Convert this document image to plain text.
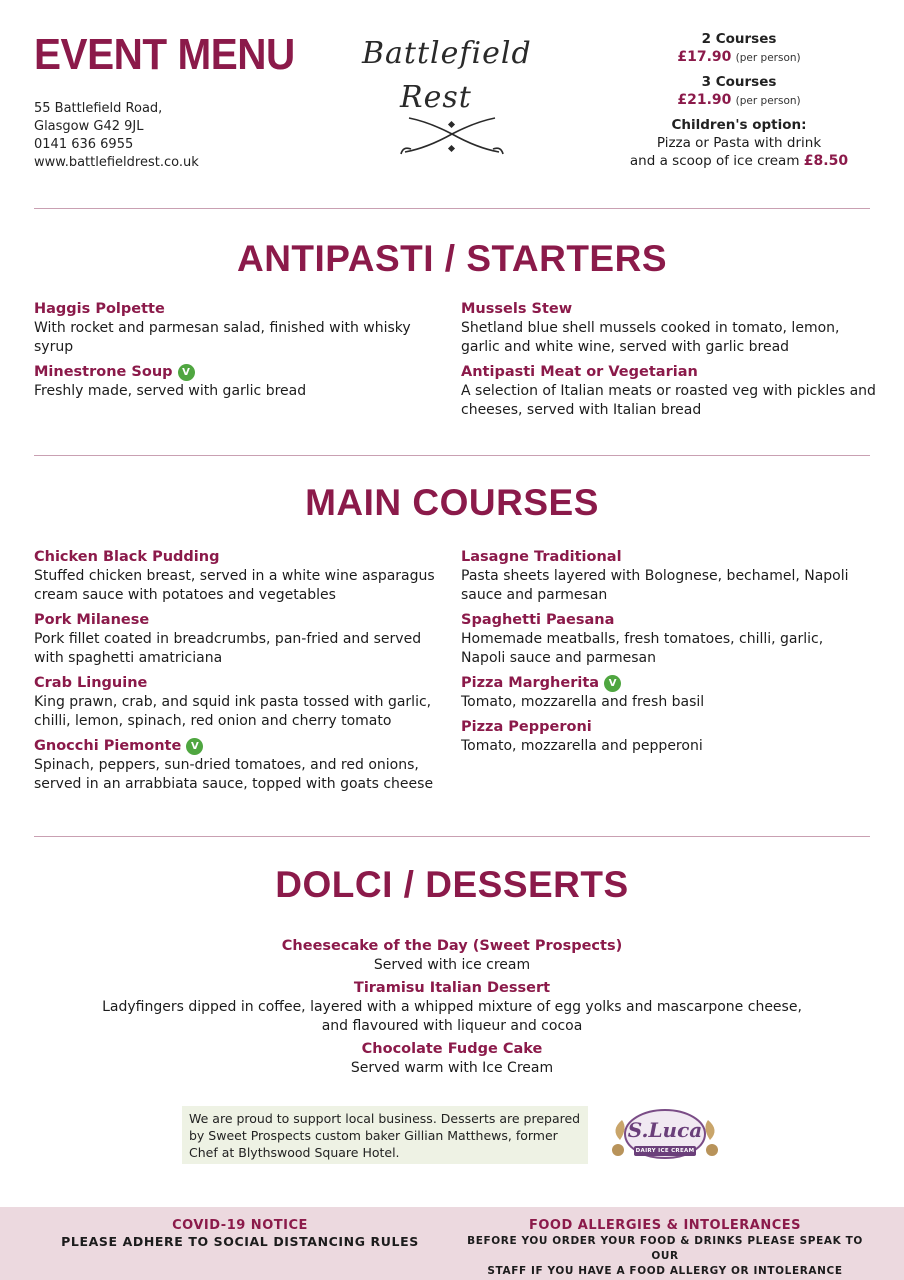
EVENT MENU
55 Battlefield Road,
Glasgow G42 9JL
0141 636 6955
www.battlefieldrest.co.uk
Battlefield
Rest
2 Courses
£17.90 (per person)
3 Courses
£21.90 (per person)
Children's option:
Pizza or Pasta with drink
and a scoop of ice cream £8.50
ANTIPASTI / STARTERS
Haggis Polpette
With rocket and parmesan salad, finished with whisky syrup
Minestrone Soup V
Freshly made, served with garlic bread
Mussels Stew
Shetland blue shell mussels cooked in tomato, lemon, garlic and white wine, served with garlic bread
Antipasti Meat or Vegetarian
A selection of Italian meats or roasted veg with pickles and cheeses, served with Italian bread
MAIN COURSES
Chicken Black Pudding
Stuffed chicken breast, served in a white wine asparagus cream sauce with potatoes and vegetables
Pork Milanese
Pork fillet coated in breadcrumbs, pan-fried and served with spaghetti amatriciana
Crab Linguine
King prawn, crab, and squid ink pasta tossed with garlic, chilli, lemon, spinach, red onion and cherry tomato
Gnocchi Piemonte V
Spinach, peppers, sun-dried tomatoes, and red onions, served in an arrabbiata sauce, topped with goats cheese
Lasagne Traditional
Pasta sheets layered with Bolognese, bechamel, Napoli sauce and parmesan
Spaghetti Paesana
Homemade meatballs, fresh tomatoes, chilli, garlic, Napoli sauce and parmesan
Pizza Margherita V
Tomato, mozzarella and fresh basil
Pizza Pepperoni
Tomato, mozzarella and pepperoni
DOLCI / DESSERTS
Cheesecake of the Day (Sweet Prospects)
Served with ice cream
Tiramisu Italian Dessert
Ladyfingers dipped in coffee, layered with a whipped mixture of egg yolks and mascarpone cheese,
and flavoured with liqueur and cocoa
Chocolate Fudge Cake
Served warm with Ice Cream
We are proud to support local business. Desserts are prepared by Sweet Prospects custom baker Gillian Matthews, former Chef at Blythswood Square Hotel.
S.Luca
DAIRY ICE CREAM
COVID-19 NOTICE
PLEASE ADHERE TO SOCIAL DISTANCING RULES
FOOD ALLERGIES & INTOLERANCES
BEFORE YOU ORDER YOUR FOOD & DRINKS PLEASE SPEAK TO OUR
STAFF IF YOU HAVE A FOOD ALLERGY OR INTOLERANCE
